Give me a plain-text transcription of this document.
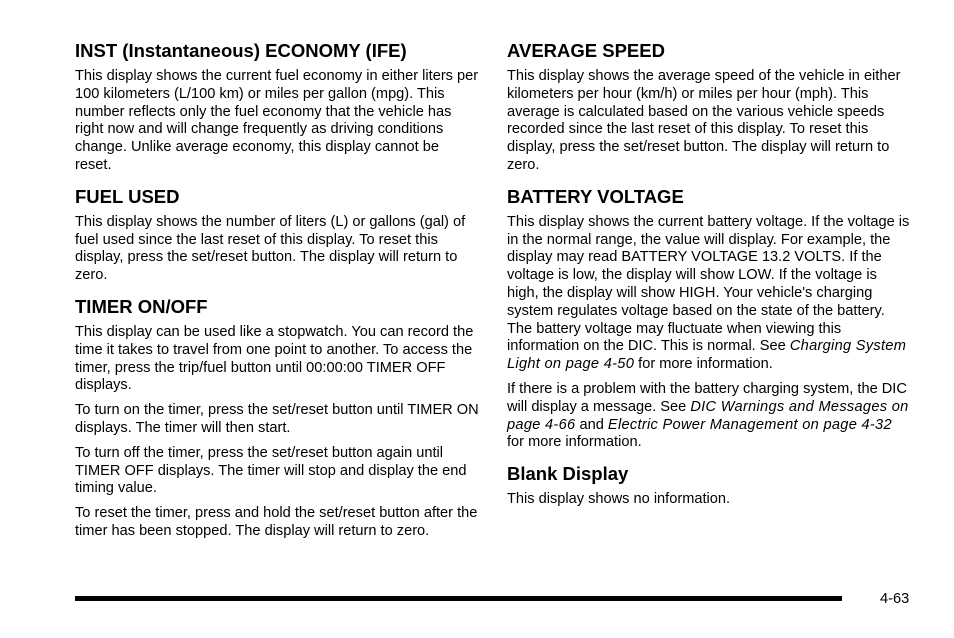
INST (Instantaneous) ECONOMY (IFE)

This display shows the current fuel economy in either liters per 100 kilometers (L/100 km) or miles per gallon (mpg). This number reflects only the fuel economy that the vehicle has right now and will change frequently as driving conditions change. Unlike average economy, this display cannot be reset.

FUEL USED

This display shows the number of liters (L) or gallons (gal) of fuel used since the last reset of this display. To reset this display, press the set/reset button. The display will return to zero.

TIMER ON/OFF

This display can be used like a stopwatch. You can record the time it takes to travel from one point to another. To access the timer, press the trip/fuel button until 00:00:00 TIMER OFF displays.

To turn on the timer, press the set/reset button until TIMER ON displays. The timer will then start.

To turn off the timer, press the set/reset button again until TIMER OFF displays. The timer will stop and display the end timing value.

To reset the timer, press and hold the set/reset button after the timer has been stopped. The display will return to zero.

AVERAGE SPEED

This display shows the average speed of the vehicle in either kilometers per hour (km/h) or miles per hour (mph). This average is calculated based on the various vehicle speeds recorded since the last reset of this display. To reset this display, press the set/reset button. The display will return to zero.

BATTERY VOLTAGE

This display shows the current battery voltage. If the voltage is in the normal range, the value will display. For example, the display may read BATTERY VOLTAGE 13.2 VOLTS. If the voltage is low, the display will show LOW. If the voltage is high, the display will show HIGH. Your vehicle's charging system regulates voltage based on the state of the battery. The battery voltage may fluctuate when viewing this information on the DIC. This is normal. See Charging System Light on page 4-50 for more information.

If there is a problem with the battery charging system, the DIC will display a message. See DIC Warnings and Messages on page 4-66 and Electric Power Management on page 4-32 for more information.

Blank Display

This display shows no information.

4-63
